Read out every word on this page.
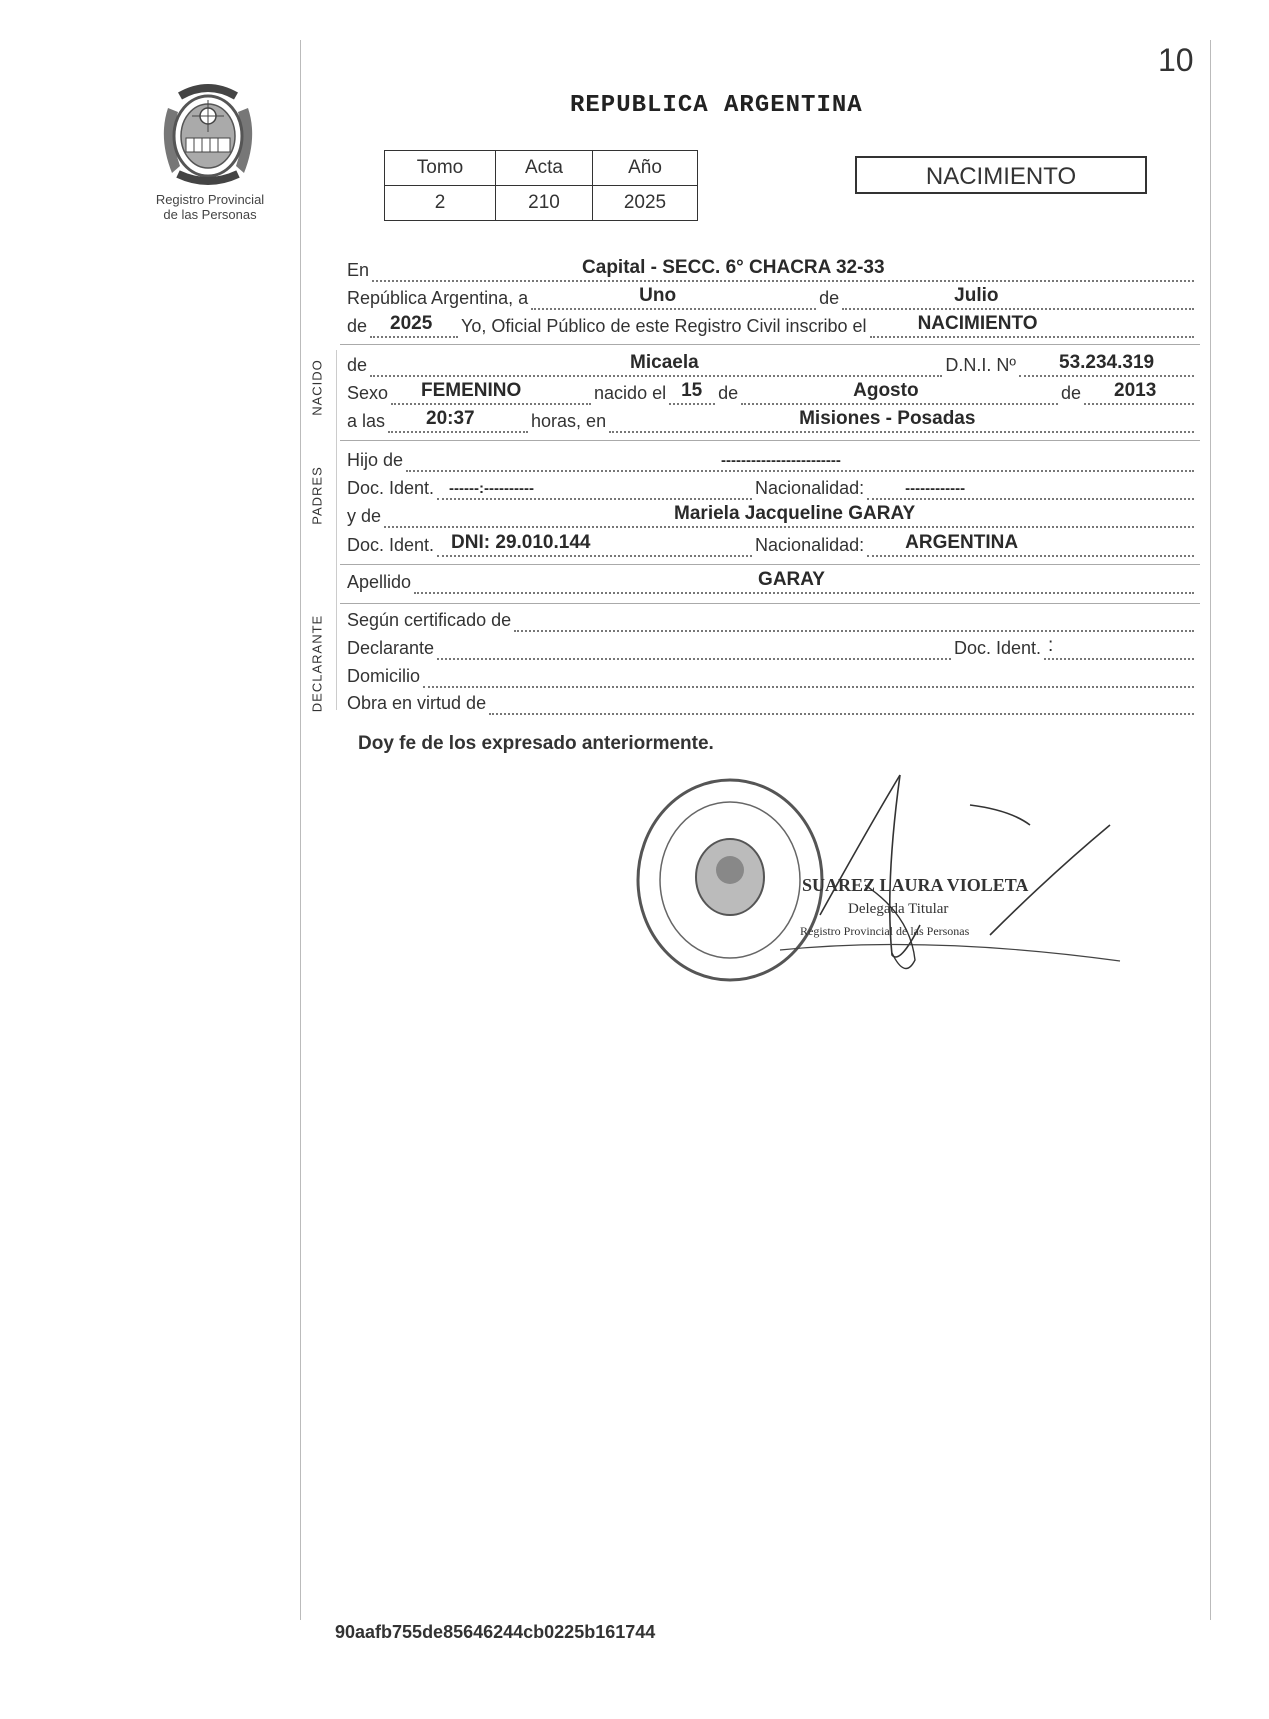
10
Registro Provincial
de las Personas
REPUBLICA ARGENTINA
Tomo	Acta	Año
2	210	2025
NACIMIENTO
En	Capital - SECC. 6° CHACRA 32-33
República Argentina, a	Uno	de	Julio
de 2025 Yo, Oficial Público de este Registro Civil inscribo el	NACIMIENTO
NACIDO de	Micaela	D.N.I. Nº 53.234.319
Sexo FEMENINO	nacido el 15 de	Agosto	de 2013
a las 20:37	horas, en	Misiones - Posadas
PADRES
Hijo de	------------------------
Doc. Ident. ------:----------	Nacionalidad:	------------
y de	Mariela Jacqueline GARAY
Doc. Ident. DNI: 29.010.144	Nacionalidad: ARGENTINA
Apellido	GARAY
DECLARANTE Según certificado de
Declarante	Doc. Ident. :
Domicilio
Obra en virtud de
Doy fe de los expresado anteriormente.
SUAREZ LAURA VIOLETA
Delegada Titular
Registro Provincial de las Personas
90aafb755de85646244cb0225b161744
